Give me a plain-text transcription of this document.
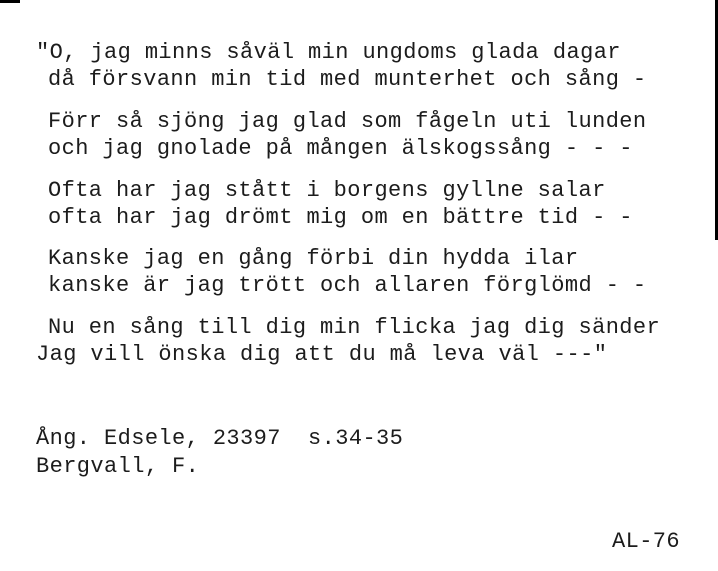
"O, jag minns såväl min ungdoms glada dagar
då försvann min tid med munterhet och sång -
Förr så sjöng jag glad som fågeln uti lunden
och jag gnolade på mången älskogssång - - -
Ofta har jag stått i borgens gyllne salar
ofta har jag drömt mig om en bättre tid - -
Kanske jag en gång förbi din hydda ilar
kanske är jag trött och allaren förglömd - -
Nu en sång till dig min flicka jag dig sänder
Jag vill önska dig att du må leva väl ---"
Ång. Edsele, 23397  s.34-35
Bergvall, F.
AL-76
